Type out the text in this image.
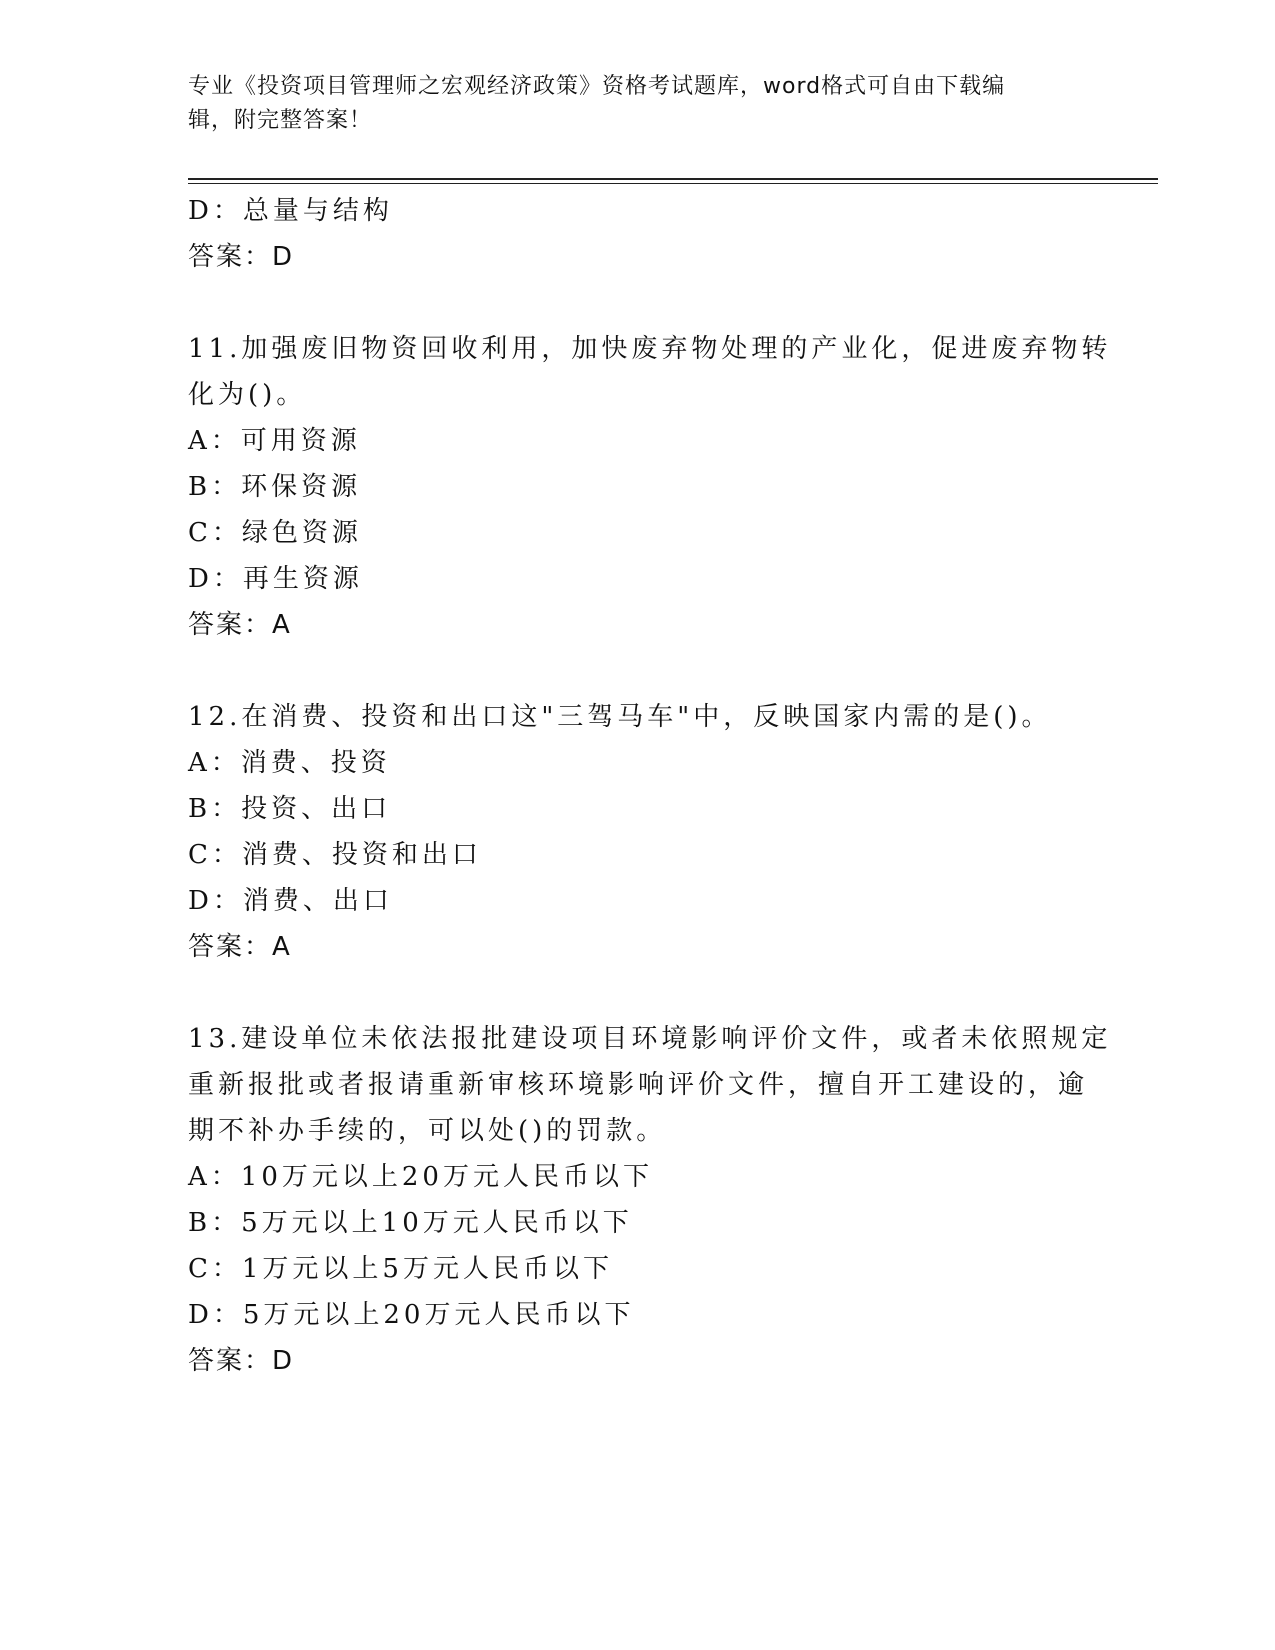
专业《投资项目管理师之宏观经济政策》资格考试题库，word格式可自由下载编
辑，附完整答案！
D：总量与结构
答案：D
11.加强废旧物资回收利用，加快废弃物处理的产业化，促进废弃物转
化为()。
A：可用资源
B：环保资源
C：绿色资源
D：再生资源
答案：A
12.在消费、投资和出口这"三驾马车"中，反映国家内需的是()。
A：消费、投资
B：投资、出口
C：消费、投资和出口
D：消费、出口
答案：A
13.建设单位未依法报批建设项目环境影响评价文件，或者未依照规定
重新报批或者报请重新审核环境影响评价文件，擅自开工建设的，逾
期不补办手续的，可以处()的罚款。
A：10万元以上20万元人民币以下
B：5万元以上10万元人民币以下
C：1万元以上5万元人民币以下
D：5万元以上20万元人民币以下
答案：D
